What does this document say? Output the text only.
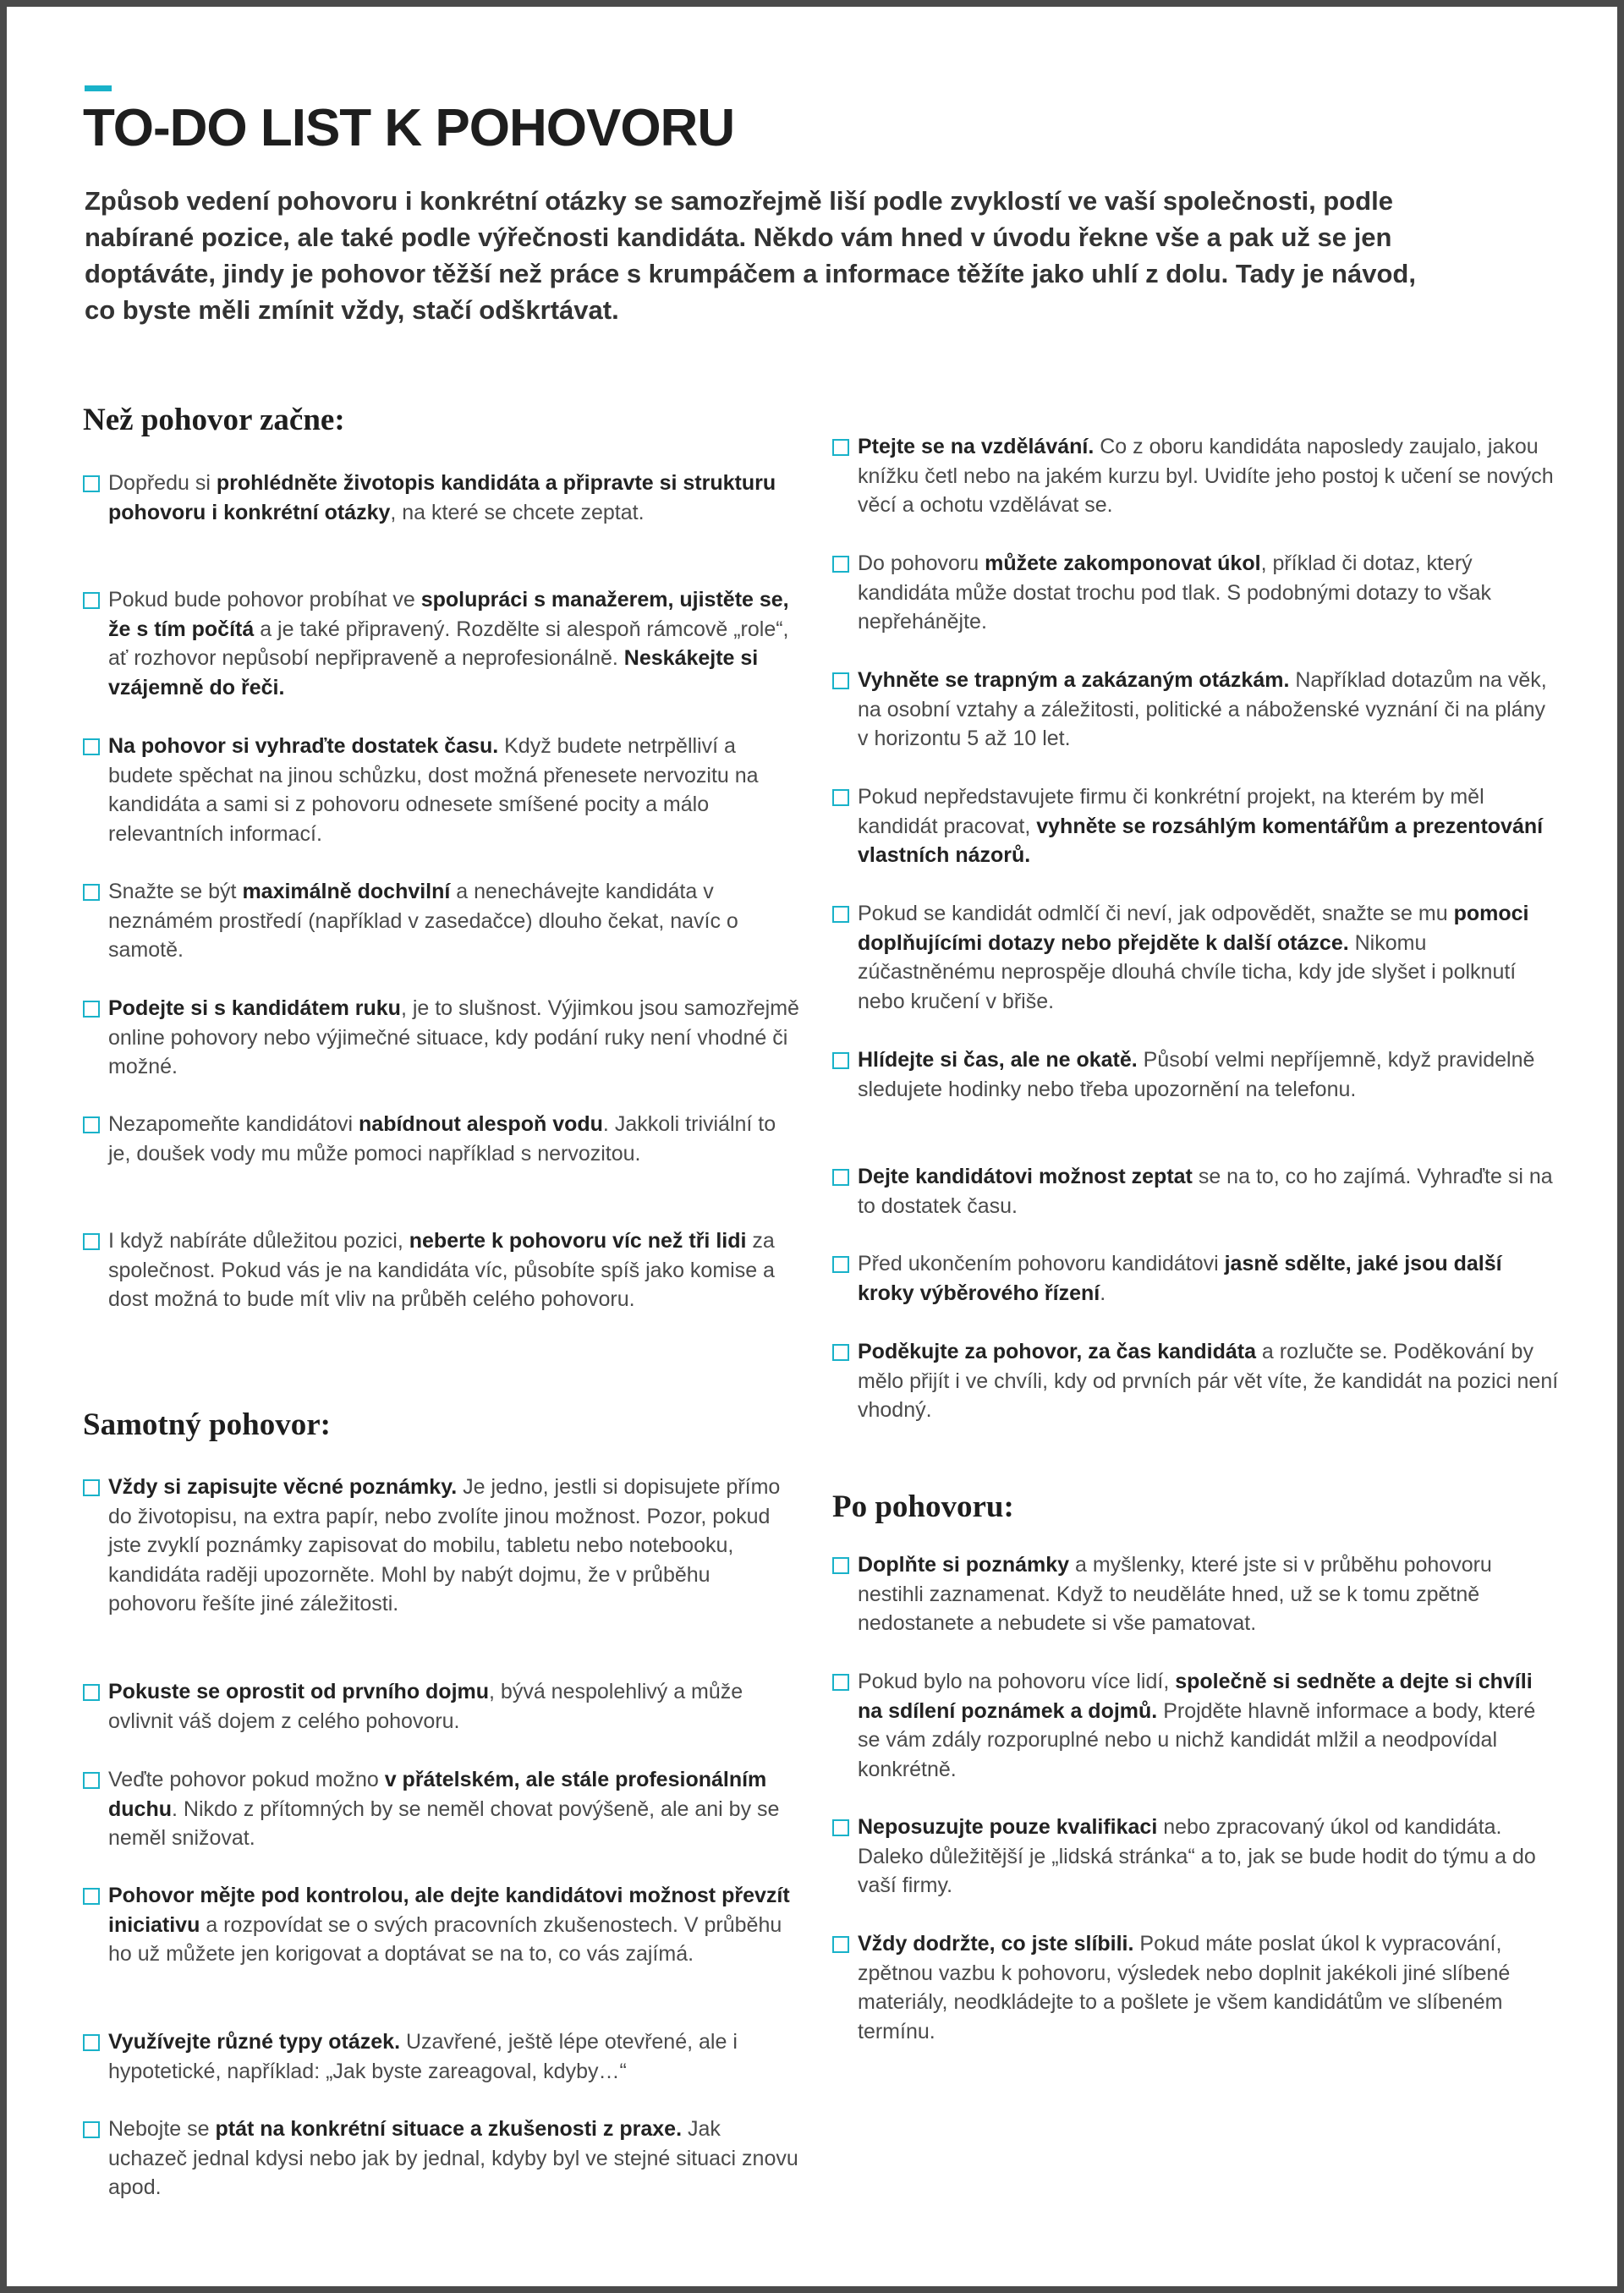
TO-DO LIST K POHOVORU

Způsob vedení pohovoru i konkrétní otázky se samozřejmě liší podle zvyklostí ve vaší společnosti, podle nabírané pozice, ale také podle výřečnosti kandidáta. Někdo vám hned v úvodu řekne vše a pak už se jen doptáváte, jindy je pohovor těžší než práce s krumpáčem a informace těžíte jako uhlí z dolu. Tady je návod, co byste měli zmínit vždy, stačí odškrtávat.

Než pohovor začne:

Dopředu si prohlédněte životopis kandidáta a připravte si strukturu pohovoru i konkrétní otázky, na které se chcete zeptat.

Pokud bude pohovor probíhat ve spolupráci s manažerem, ujistěte se, že s tím počítá a je také připravený. Rozdělte si alespoň rámcově „role“, ať rozhovor nepůsobí nepřipraveně a neprofesionálně. Neskákejte si vzájemně do řeči.

Na pohovor si vyhraďte dostatek času. Když budete netrpělliví a budete spěchat na jinou schůzku, dost možná přenesete nervozitu na kandidáta a sami si z pohovoru odnesete smíšené pocity a málo relevantních informací.

Snažte se být maximálně dochvilní a nenechávejte kandidáta v neznámém prostředí (například v zasedačce) dlouho čekat, navíc o samotě.

Podejte si s kandidátem ruku, je to slušnost. Výjimkou jsou samozřejmě online pohovory nebo výjimečné situace, kdy podání ruky není vhodné či možné.

Nezapomeňte kandidátovi nabídnout alespoň vodu. Jakkoli triviální to je, doušek vody mu může pomoci například s nervozitou.

I když nabíráte důležitou pozici, neberte k pohovoru víc než tři lidi za společnost. Pokud vás je na kandidáta víc, působíte spíš jako komise a dost možná to bude mít vliv na průběh celého pohovoru.

Samotný pohovor:

Vždy si zapisujte věcné poznámky. Je jedno, jestli si dopisujete přímo do životopisu, na extra papír, nebo zvolíte jinou možnost. Pozor, pokud jste zvyklí poznámky zapisovat do mobilu, tabletu nebo notebooku, kandidáta raději upozorněte. Mohl by nabýt dojmu, že v průběhu pohovoru řešíte jiné záležitosti.

Pokuste se oprostit od prvního dojmu, bývá nespolehlivý a může ovlivnit váš dojem z celého pohovoru.

Veďte pohovor pokud možno v přátelském, ale stále profesionálním duchu. Nikdo z přítomných by se neměl chovat povýšeně, ale ani by se neměl snižovat.

Pohovor mějte pod kontrolou, ale dejte kandidátovi možnost převzít iniciativu a rozpovídat se o svých pracovních zkušenostech. V průběhu ho už můžete jen korigovat a doptávat se na to, co vás zajímá.

Využívejte různé typy otázek. Uzavřené, ještě lépe otevřené, ale i hypotetické, například: „Jak byste zareagoval, kdyby…“

Nebojte se ptát na konkrétní situace a zkušenosti z praxe. Jak uchazeč jednal kdysi nebo jak by jednal, kdyby byl ve stejné situaci znovu apod.

Ptejte se na vzdělávání. Co z oboru kandidáta naposledy zaujalo, jakou knížku četl nebo na jakém kurzu byl. Uvidíte jeho postoj k učení se nových věcí a ochotu vzdělávat se.

Do pohovoru můžete zakomponovat úkol, příklad či dotaz, který kandidáta může dostat trochu pod tlak. S podobnými dotazy to však nepřehánějte.

Vyhněte se trapným a zakázaným otázkám. Například dotazům na věk, na osobní vztahy a záležitosti, politické a náboženské vyznání či na plány v horizontu 5 až 10 let.

Pokud nepředstavujete firmu či konkrétní projekt, na kterém by měl kandidát pracovat, vyhněte se rozsáhlým komentářům a prezentování vlastních názorů.

Pokud se kandidát odmlčí či neví, jak odpovědět, snažte se mu pomoci doplňujícími dotazy nebo přejděte k další otázce. Nikomu zúčastněnému neprospěje dlouhá chvíle ticha, kdy jde slyšet i polknutí nebo kručení v břiše.

Hlídejte si čas, ale ne okatě. Působí velmi nepříjemně, když pravidelně sledujete hodinky nebo třeba upozornění na telefonu.

Dejte kandidátovi možnost zeptat se na to, co ho zajímá. Vyhraďte si na to dostatek času.

Před ukončením pohovoru kandidátovi jasně sdělte, jaké jsou další kroky výběrového řízení.

Poděkujte za pohovor, za čas kandidáta a rozlučte se. Poděkování by mělo přijít i ve chvíli, kdy od prvních pár vět víte, že kandidát na pozici není vhodný.

Po pohovoru:

Doplňte si poznámky a myšlenky, které jste si v průběhu pohovoru nestihli zaznamenat. Když to neuděláte hned, už se k tomu zpětně nedostanete a nebudete si vše pamatovat.

Pokud bylo na pohovoru více lidí, společně si sedněte a dejte si chvíli na sdílení poznámek a dojmů. Projděte hlavně informace a body, které se vám zdály rozporuplné nebo u nichž kandidát mlžil a neodpovídal konkrétně.

Neposuzujte pouze kvalifikaci nebo zpracovaný úkol od kandidáta. Daleko důležitější je „lidská stránka“ a to, jak se bude hodit do týmu a do vaší firmy.

Vždy dodržte, co jste slíbili. Pokud máte poslat úkol k vypracování, zpětnou vazbu k pohovoru, výsledek nebo doplnit jakékoli jiné slíbené materiály, neodkládejte to a pošlete je všem kandidátům ve slíbeném termínu.
